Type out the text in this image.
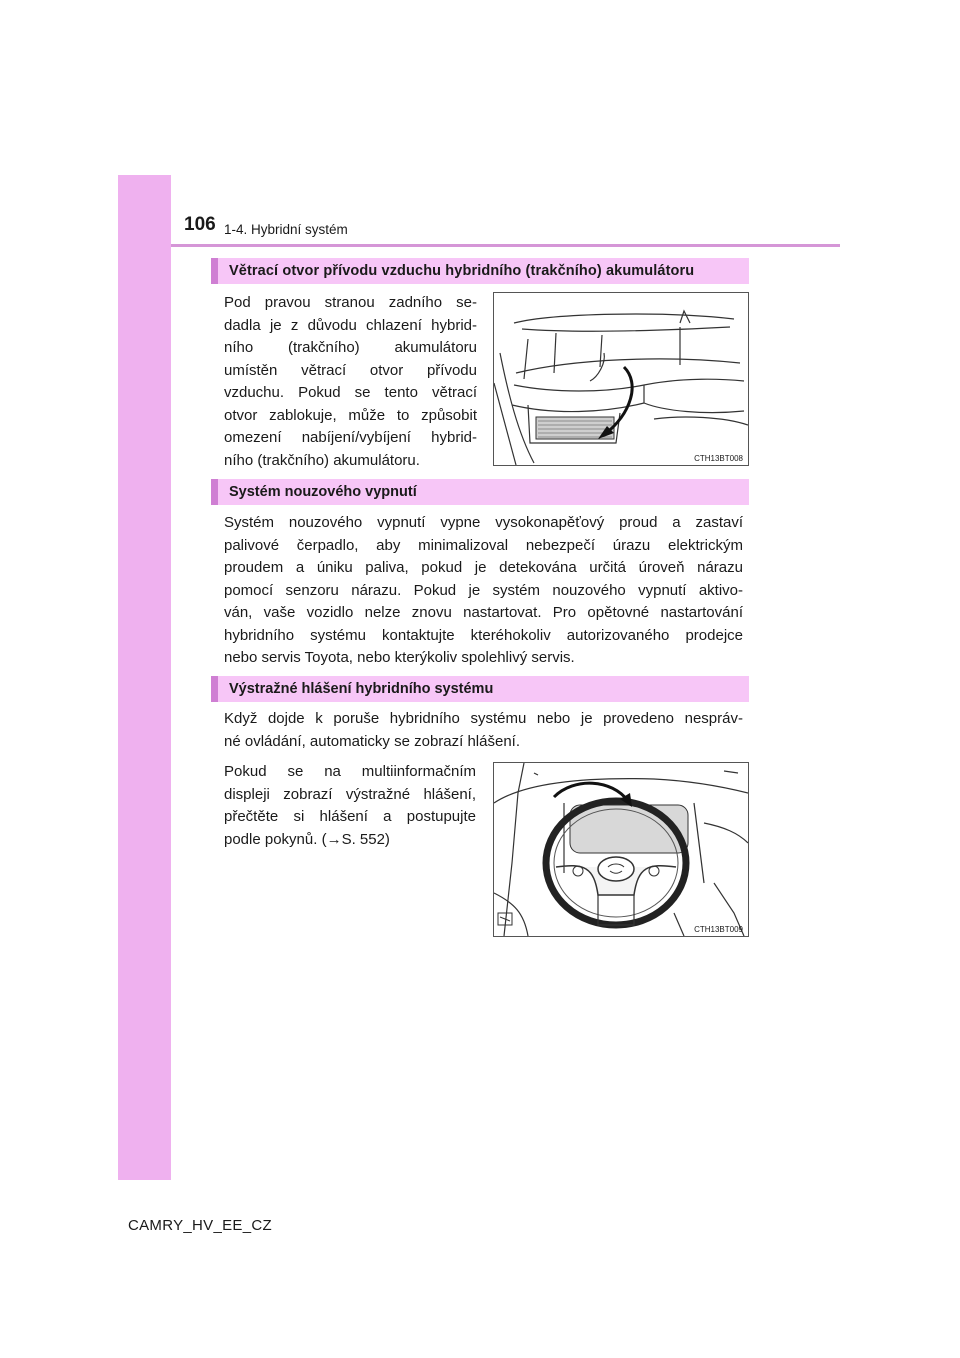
106 1-4. Hybridní systém
Větrací otvor přívodu vzduchu hybridního (trakčního) akumulátoru
Pod pravou stranou zadního se-
dadla je z důvodu chlazení hybrid-
ního (trakčního) akumulátoru
umístěn větrací otvor přívodu
vzduchu. Pokud se tento větrací
otvor zablokuje, může to způsobit
omezení nabíjení/vybíjení hybrid-
ního (trakčního) akumulátoru.	CTH13BT008
Systém nouzového vypnutí
Systém nouzového vypnutí vypne vysokonapěťový proud a zastaví
palivové čerpadlo, aby minimalizoval nebezpečí úrazu elektrickým
proudem a úniku paliva, pokud je detekována určitá úroveň nárazu
pomocí senzoru nárazu. Pokud je systém nouzového vypnutí aktivo-
ván, vaše vozidlo nelze znovu nastartovat. Pro opětovné nastartování
hybridního systému kontaktujte kteréhokoliv autorizovaného prodejce
nebo servis Toyota, nebo kterýkoliv spolehlivý servis.
Výstražné hlášení hybridního systému
Když dojde k poruše hybridního systému nebo je provedeno nespráv-
né ovládání, automaticky se zobrazí hlášení.
Pokud se na multiinformačním
displeji zobrazí výstražné hlášení,
přečtěte si hlášení a postupujte
podle pokynů. (→S. 552)
CTH13BT009
CAMRY_HV_EE_CZ
